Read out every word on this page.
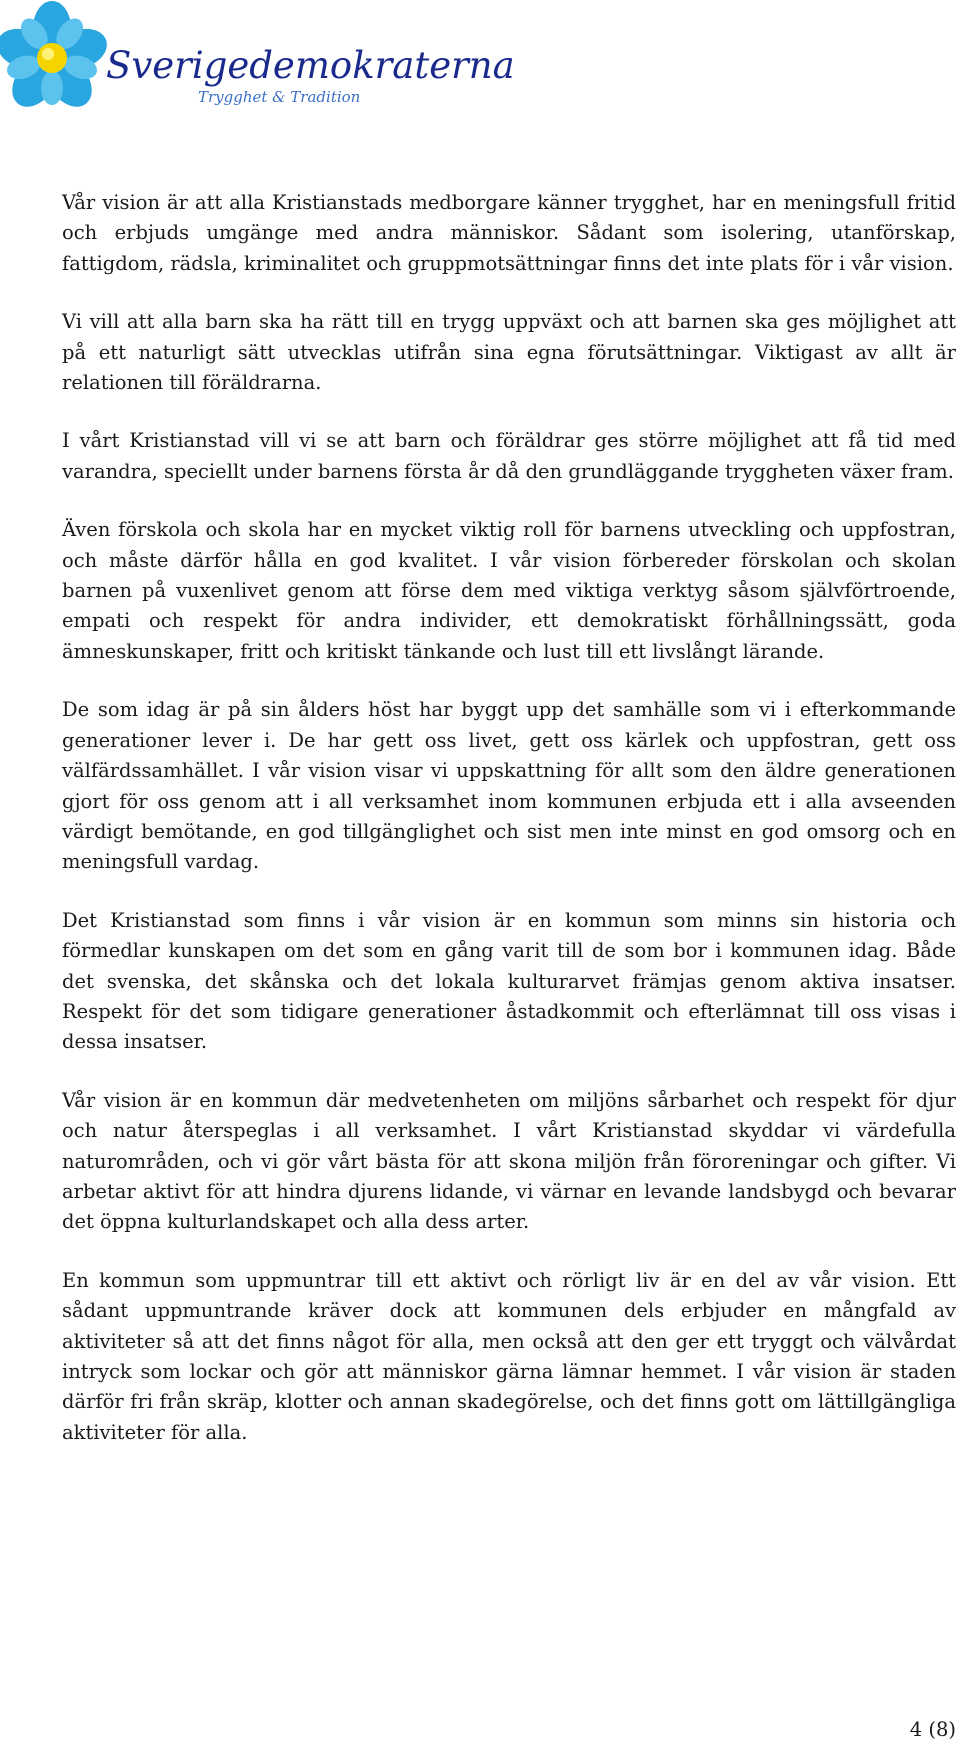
Sverigedemokraterna
Trygghet & Tradition

Vår vision är att alla Kristianstads medborgare känner trygghet, har en meningsfull fritid och erbjuds umgänge med andra människor. Sådant som isolering, utanförskap, fattigdom, rädsla, kriminalitet och gruppmotsättningar finns det inte plats för i vår vision.

Vi vill att alla barn ska ha rätt till en trygg uppväxt och att barnen ska ges möjlighet att på ett naturligt sätt utvecklas utifrån sina egna förutsättningar. Viktigast av allt är relationen till föräldrarna.

I vårt Kristianstad vill vi se att barn och föräldrar ges större möjlighet att få tid med varandra, speciellt under barnens första år då den grundläggande tryggheten växer fram.

Även förskola och skola har en mycket viktig roll för barnens utveckling och uppfostran, och måste därför hålla en god kvalitet. I vår vision förbereder förskolan och skolan barnen på vuxenlivet genom att förse dem med viktiga verktyg såsom självförtroende, empati och respekt för andra individer, ett demokratiskt förhållningssätt, goda ämneskunskaper, fritt och kritiskt tänkande och lust till ett livslångt lärande.

De som idag är på sin ålders höst har byggt upp det samhälle som vi i efterkommande generationer lever i. De har gett oss livet, gett oss kärlek och uppfostran, gett oss välfärdssamhället. I vår vision visar vi uppskattning för allt som den äldre generationen gjort för oss genom att i all verksamhet inom kommunen erbjuda ett i alla avseenden värdigt bemötande, en god tillgänglighet och sist men inte minst en god omsorg och en meningsfull vardag.

Det Kristianstad som finns i vår vision är en kommun som minns sin historia och förmedlar kunskapen om det som en gång varit till de som bor i kommunen idag. Både det svenska, det skånska och det lokala kulturarvet främjas genom aktiva insatser. Respekt för det som tidigare generationer åstadkommit och efterlämnat till oss visas i dessa insatser.

Vår vision är en kommun där medvetenheten om miljöns sårbarhet och respekt för djur och natur återspeglas i all verksamhet. I vårt Kristianstad skyddar vi värdefulla naturområden, och vi gör vårt bästa för att skona miljön från föroreningar och gifter. Vi arbetar aktivt för att hindra djurens lidande, vi värnar en levande landsbygd och bevarar det öppna kulturlandskapet och alla dess arter.

En kommun som uppmuntrar till ett aktivt och rörligt liv är en del av vår vision. Ett sådant uppmuntrande kräver dock att kommunen dels erbjuder en mångfald av aktiviteter så att det finns något för alla, men också att den ger ett tryggt och välvårdat intryck som lockar och gör att människor gärna lämnar hemmet. I vår vision är staden därför fri från skräp, klotter och annan skadegörelse, och det finns gott om lättillgängliga aktiviteter för alla.

4 (8)
